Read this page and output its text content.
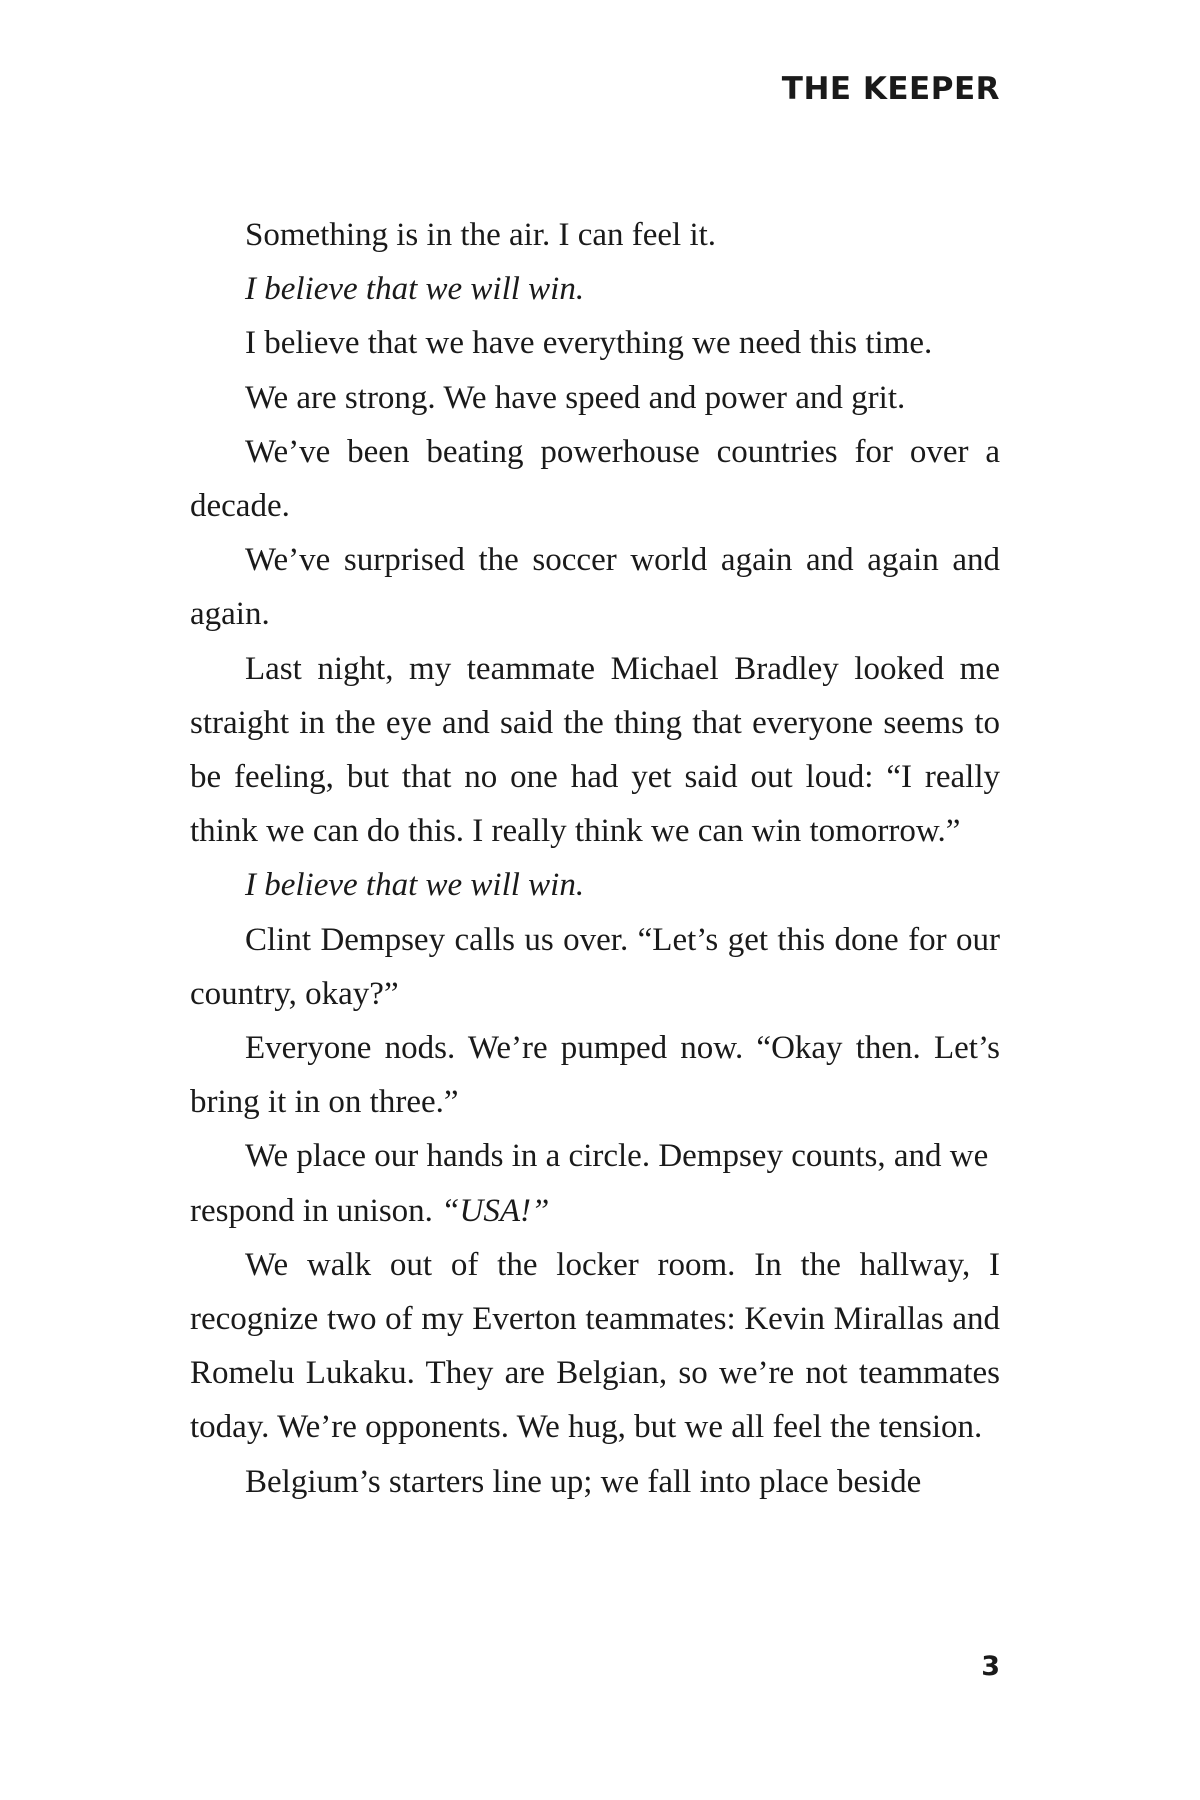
THE KEEPER

Something is in the air. I can feel it.

I believe that we will win.

I believe that we have everything we need this time.

We are strong. We have speed and power and grit.

We’ve been beating powerhouse countries for over a decade.

We’ve surprised the soccer world again and again and again.

Last night, my teammate Michael Bradley looked me straight in the eye and said the thing that everyone seems to be feeling, but that no one had yet said out loud: “I really think we can do this. I really think we can win tomorrow.”

I believe that we will win.

Clint Dempsey calls us over. “Let’s get this done for our country, okay?”

Everyone nods. We’re pumped now. “Okay then. Let’s bring it in on three.”

We place our hands in a circle. Dempsey counts, and we respond in unison. “USA!”

We walk out of the locker room. In the hallway, I recognize two of my Everton teammates: Kevin Mirallas and Romelu Lukaku. They are Belgian, so we’re not teammates today. We’re opponents. We hug, but we all feel the tension.

Belgium’s starters line up; we fall into place beside

3
